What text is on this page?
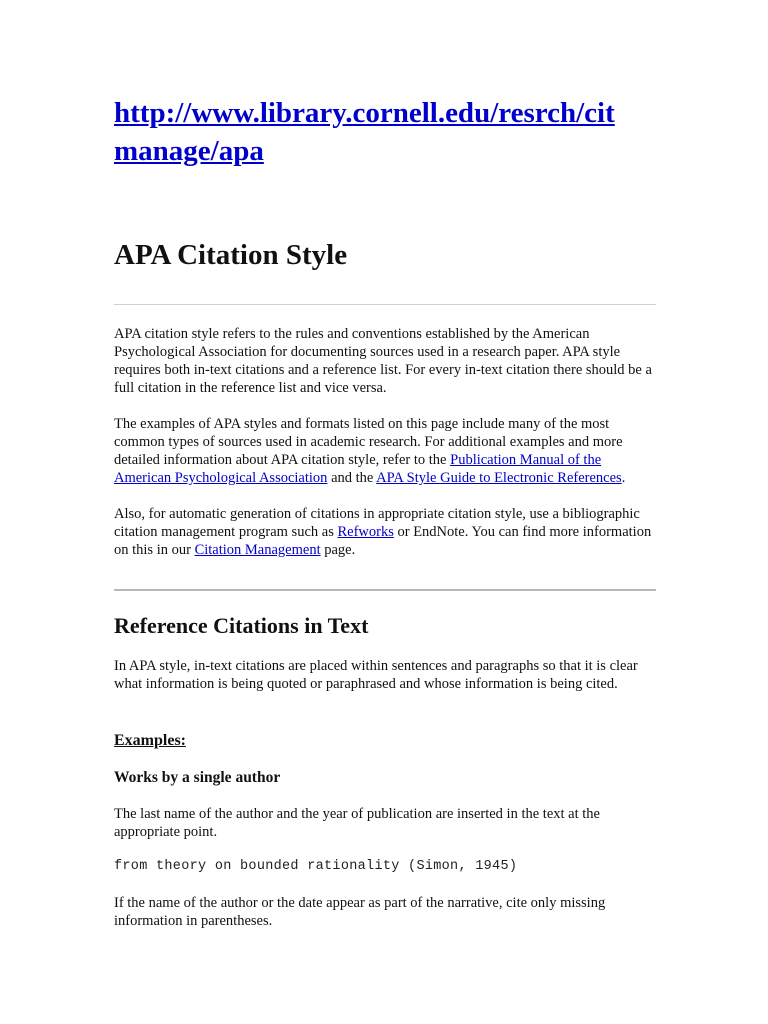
http://www.library.cornell.edu/resrch/cit
manage/apa
APA Citation Style

APA citation style refers to the rules and conventions established by the American Psychological Association for documenting sources used in a research paper. APA style requires both in-text citations and a reference list. For every in-text citation there should be a full citation in the reference list and vice versa.

The examples of APA styles and formats listed on this page include many of the most common types of sources used in academic research. For additional examples and more detailed information about APA citation style, refer to the Publication Manual of the American Psychological Association and the APA Style Guide to Electronic References.

Also, for automatic generation of citations in appropriate citation style, use a bibliographic citation management program such as Refworks or EndNote. You can find more information on this in our Citation Management page.

Reference Citations in Text

In APA style, in-text citations are placed within sentences and paragraphs so that it is clear what information is being quoted or paraphrased and whose information is being cited.

Examples:
Works by a single author

The last name of the author and the year of publication are inserted in the text at the appropriate point.

from theory on bounded rationality (Simon, 1945)

If the name of the author or the date appear as part of the narrative, cite only missing information in parentheses.
